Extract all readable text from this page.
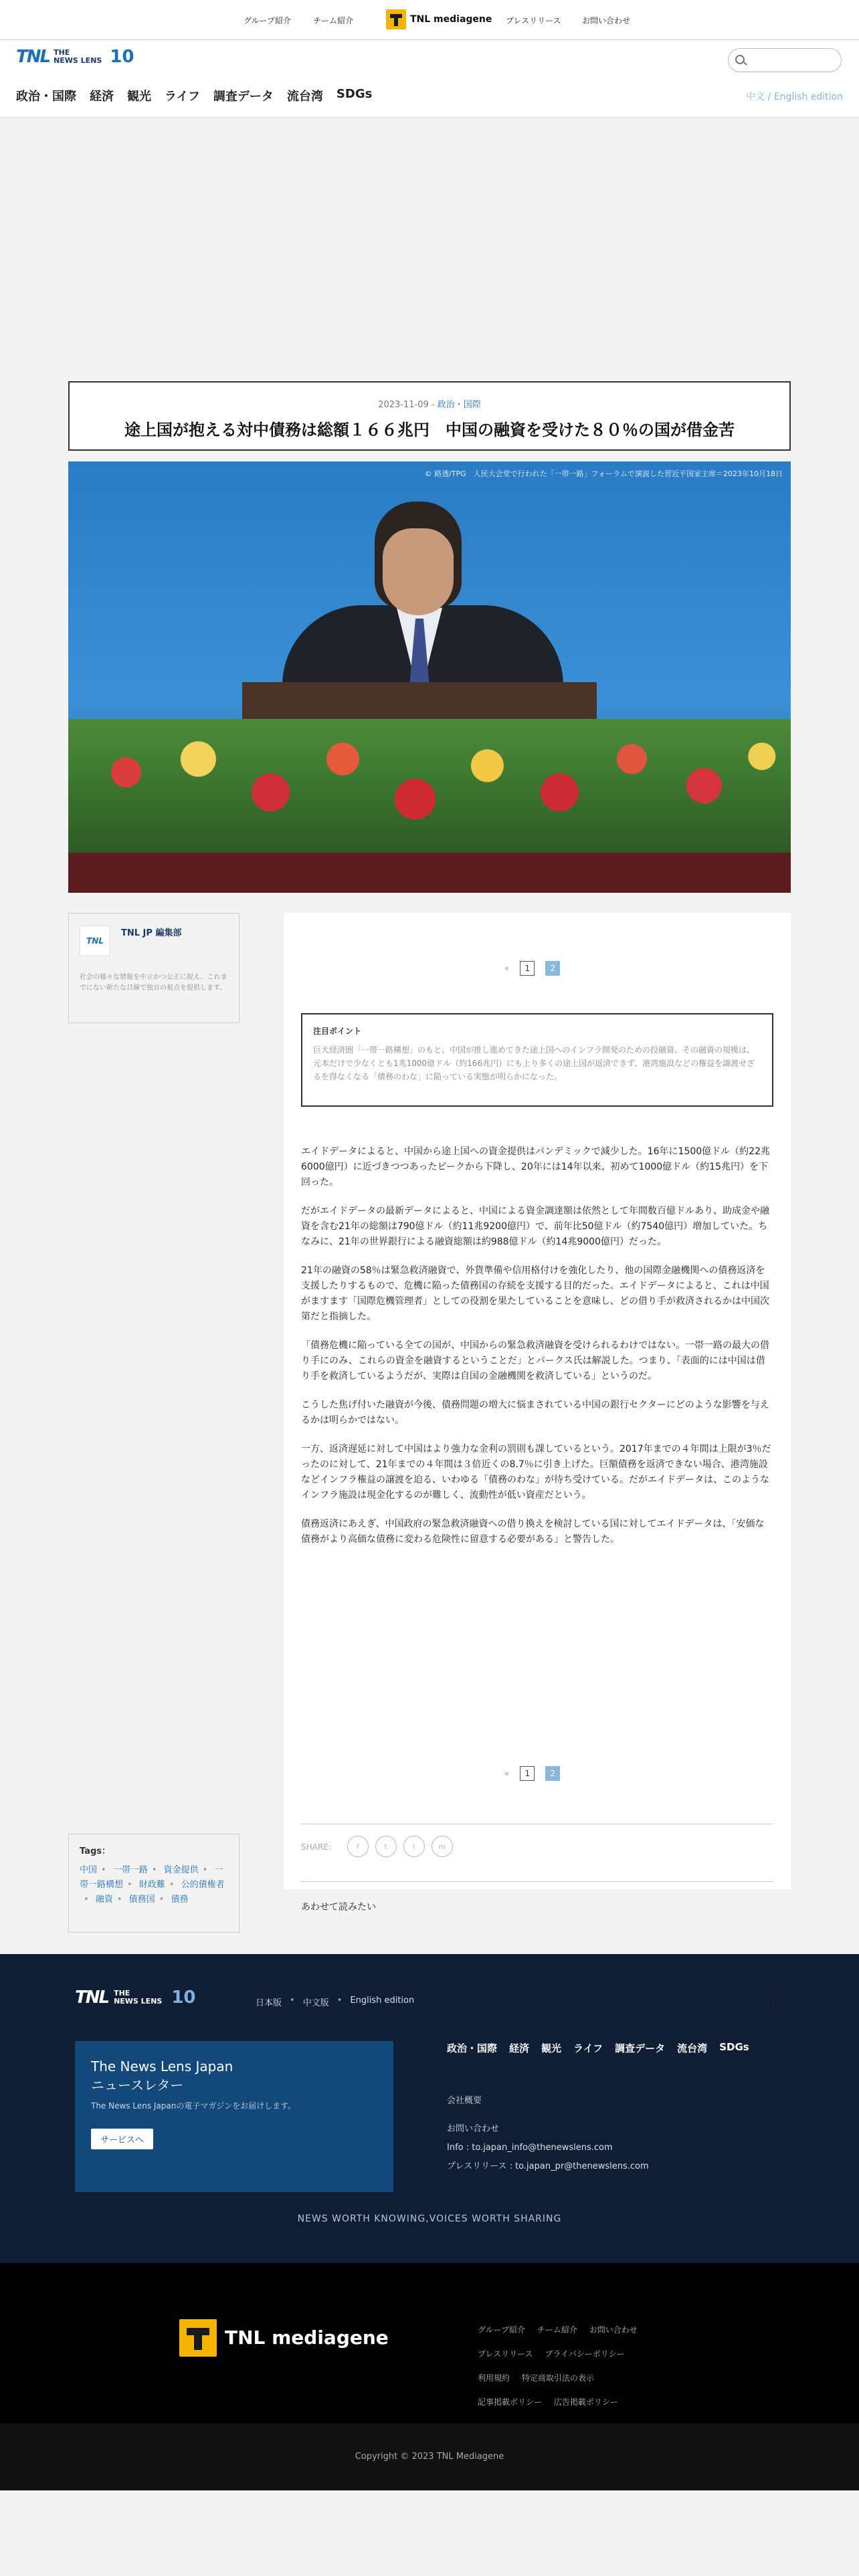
グループ紹介	チーム紹介	TNL mediagene プレスリリース	お問い合わせ
TNL THE
NEWS LENS 10
政治・国際 経済 観光 ライフ 調査データ 流台湾 SDGs	中文 / English edition
2023-11-09 - 政治・国際
途上国が抱える対中債務は総額１６６兆円　中国の融資を受けた８０％の国が借金苦
© 路透/TPG　人民大会堂で行われた「一帯一路」フォーラムで演説した習近平国家主席＝2023年10月18日
TNL
TNL JP 編集部
社会の様々な情報を中立かつ公正に捉え、これまでにない新たな目線で独自の視点を提供します。
«	1	2
注目ポイント
巨大経済圏「一帯一路構想」のもと、中国が推し進めてきた途上国へのインフラ開発のための投融資。その融資の規模は、元本だけで少なくとも1兆1000億ドル（約166兆円）にも上り多くの途上国が返済できず、港湾施設などの権益を譲渡せざるを得なくなる「債務のわな」に陥っている実態が明らかになった。

エイドデータによると、中国から途上国への資金提供はパンデミックで減少した。16年に1500億ドル（約22兆6000億円）に近づきつつあったピークから下降し、20年には14年以来、初めて1000億ドル（約15兆円）を下回った。

だがエイドデータの最新データによると、中国による資金調達額は依然として年間数百億ドルあり、助成金や融資を含む21年の総額は790億ドル（約11兆9200億円）で、前年比50億ドル（約7540億円）増加していた。ちなみに、21年の世界銀行による融資総額は約988億ドル（約14兆9000億円）だった。

21年の融資の58％は緊急救済融資で、外貨準備や信用格付けを強化したり、他の国際金融機関への債務返済を支援したりするもので、危機に陥った債務国の存続を支援する目的だった。エイドデータによると、これは中国がますます「国際危機管理者」としての役割を果たしていることを意味し、どの借り手が救済されるかは中国次第だと指摘した。

「債務危機に陥っている全ての国が、中国からの緊急救済融資を受けられるわけではない。一帯一路の最大の借り手にのみ、これらの資金を融資するということだ」とパークス氏は解説した。つまり、「表面的には中国は借り手を救済しているようだが、実際は自国の金融機関を救済している」というのだ。

こうした焦げ付いた融資が今後、債務問題の増大に悩まされている中国の銀行セクターにどのような影響を与えるかは明らかではない。

一方、返済遅延に対して中国はより強力な金利の罰則も課しているという。2017年までの４年間は上限が3％だったのに対して、21年までの４年間は３倍近くの8.7％に引き上げた。巨額債務を返済できない場合、港湾施設などインフラ権益の譲渡を迫る、いわゆる「債務のわな」が待ち受けている。だがエイドデータは、このようなインフラ施設は現金化するのが難しく、流動性が低い資産だという。

債務返済にあえぎ、中国政府の緊急救済融資への借り換えを検討している国に対してエイドデータは、「安価な債務がより高価な債務に変わる危険性に留意する必要がある」と警告した。

«	1	2
SHARE：	f	t	l	m
あわせて読みたい
Tags：
中国 • 一帯一路 • 資金提供 • 一帯一路構想 • 財政難 • 公的債権者• 融資 • 債務国 • 債務
TNL THE
NEWS LENS 10	日本版 • 中文版 • English edition	▯	▯	▯
The News Lens Japan
ニュースレター
The News Lens Japanの電子マガジンをお届けします。
サービスへ
政治・国際 経済 観光 ライフ 調査データ 流台湾 SDGs
会社概要
お問い合わせ
Info : to.japan_info@thenewslens.com
プレスリリース : to.japan_pr@thenewslens.com
NEWS WORTH KNOWING,VOICES WORTH SHARING
TNL mediagene	グループ紹介 チーム紹介 お問い合わせ
プレスリリース プライバシーポリシー
利用規約 特定商取引法の表示
記事掲載ポリシー 広告掲載ポリシー
Copyright © 2023 TNL Mediagene
